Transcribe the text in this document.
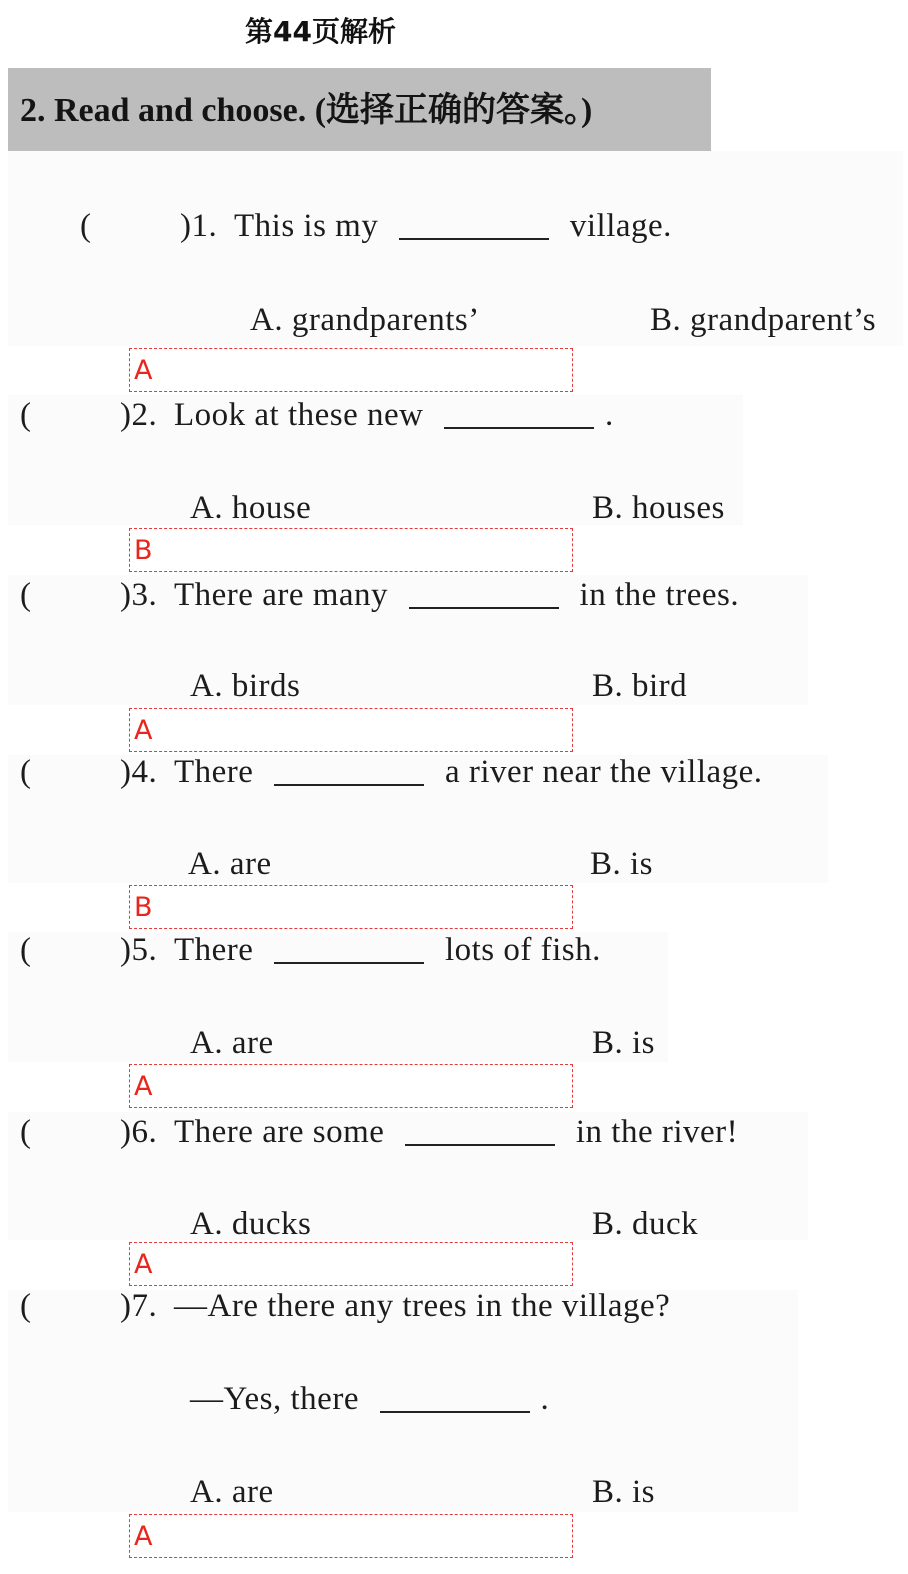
第44页解析
2. Read and choose. (选择正确的答案。)
(	)1. This is my	village.
A. grandparents’	B. grandparent’s
A
(	)2. Look at these new	.
A. house	B. houses
B
(	)3. There are many	in the trees.
A. birds	B. bird
A
(	)4. There	a river near the village.
A. are	B. is
B
(	)5. There	lots of fish.
A. are	B. is
A
(	)6. There are some	in the river!
A. ducks	B. duck
A
(	)7. —Are there any trees in the village?
—Yes, there	.
A. are	B. is
A
